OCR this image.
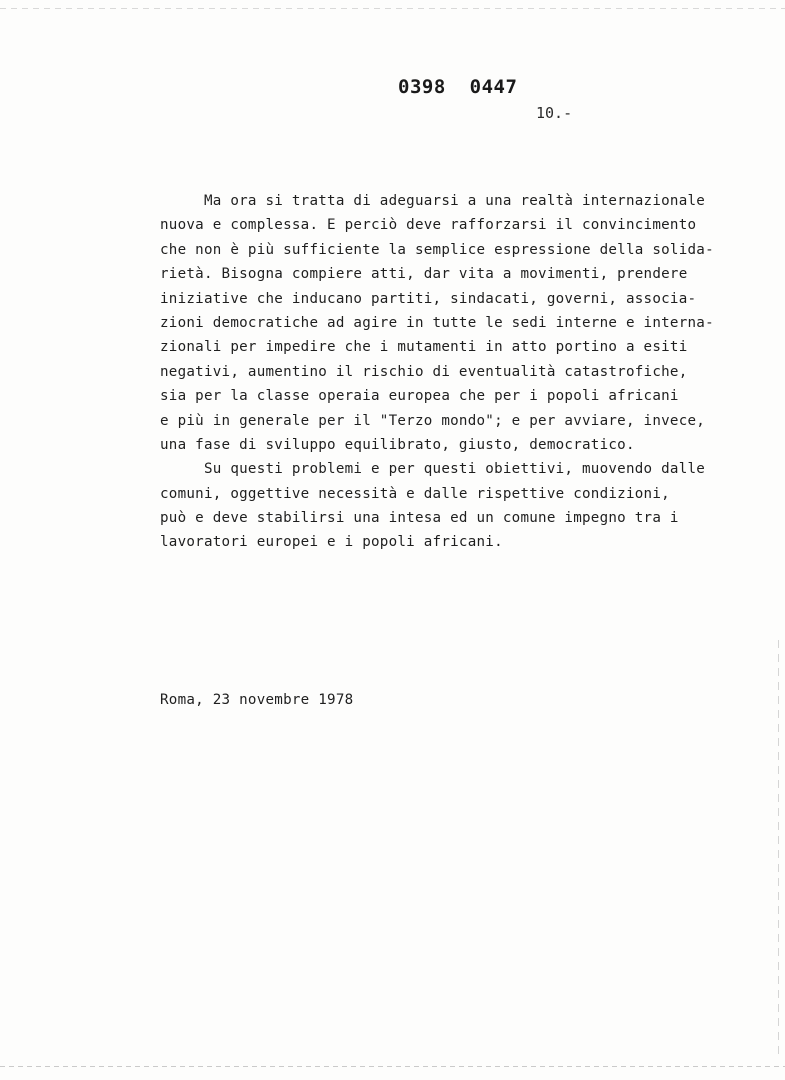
0398  0447
10.-
Ma ora si tratta di adeguarsi a una realtà internazionale
nuova e complessa. E perciò deve rafforzarsi il convincimento
che non è più sufficiente la semplice espressione della solida-
rietà. Bisogna compiere atti, dar vita a movimenti, prendere
iniziative che inducano partiti, sindacati, governi, associa-
zioni democratiche ad agire in tutte le sedi interne e interna-
zionali per impedire che i mutamenti in atto portino a esiti
negativi, aumentino il rischio di eventualità catastrofiche,
sia per la classe operaia europea che per i popoli africani
e più in generale per il "Terzo mondo"; e per avviare, invece,
una fase di sviluppo equilibrato, giusto, democratico.
Su questi problemi e per questi obiettivi, muovendo dalle
comuni, oggettive necessità e dalle rispettive condizioni,
può e deve stabilirsi una intesa ed un comune impegno tra i
lavoratori europei e i popoli africani.
Roma, 23 novembre 1978
